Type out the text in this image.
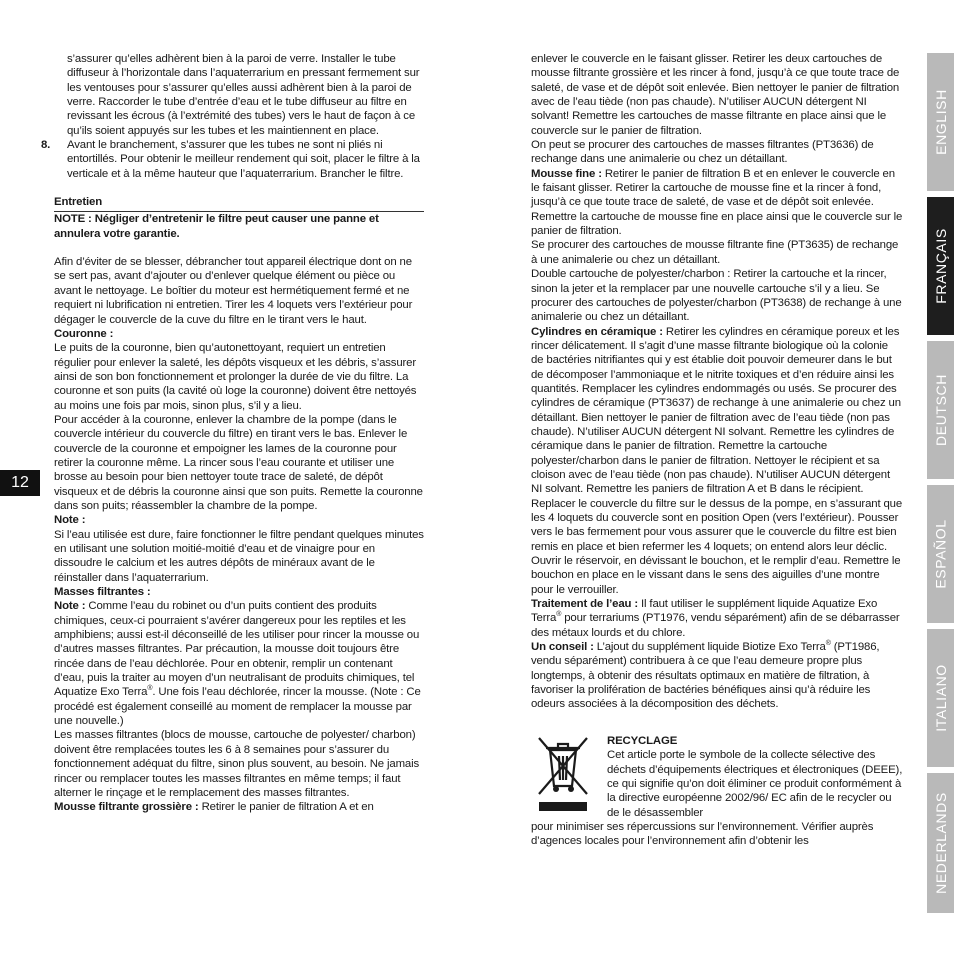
12
ENGLISH
FRANÇAIS
DEUTSCH
ESPAÑOL
ITALIANO
NEDERLANDS

s’assurer qu’elles adhèrent bien à la paroi de verre. Installer le tube diffuseur à l’horizontale dans l’aquaterrarium en pressant fermement sur les ventouses pour s’assurer qu’elles aussi adhèrent bien à la paroi de verre. Raccorder le tube d’entrée d’eau et le tube diffuseur au filtre en revissant les écrous (à l’extrémité des tubes) vers le haut de façon à ce qu’ils soient appuyés sur les tubes et les maintiennent en place.

8. Avant le branchement, s’assurer que les tubes ne sont ni pliés ni entortillés. Pour obtenir le meilleur rendement qui soit, placer le filtre à la verticale et à la même hauteur que l’aquaterrarium. Brancher le filtre.

Entretien

NOTE : Négliger d’entretenir le filtre peut causer une panne et annulera votre garantie.

Afin d’éviter de se blesser, débrancher tout appareil électrique dont on ne se sert pas, avant d’ajouter ou d’enlever quelque élément ou pièce ou avant le nettoyage. Le boîtier du moteur est hermétiquement fermé et ne requiert ni lubrification ni entretien. Tirer les 4 loquets vers l’extérieur pour dégager le couvercle de la cuve du filtre en le tirant vers le haut.

Couronne :

Le puits de la couronne, bien qu’autonettoyant, requiert un entretien régulier pour enlever la saleté, les dépôts visqueux et les débris, s’assurer ainsi de son bon fonctionnement et prolonger la durée de vie du filtre. La couronne et son puits (la cavité où loge la couronne) doivent être nettoyés au moins une fois par mois, sinon plus, s’il y a lieu.

Pour accéder à la couronne, enlever la chambre de la pompe (dans le couvercle intérieur du couvercle du filtre) en tirant vers le bas. Enlever le couvercle de la couronne et empoigner les lames de la couronne pour retirer la couronne même. La rincer sous l’eau courante et utiliser une brosse au besoin pour bien nettoyer toute trace de saleté, de dépôt visqueux et de débris la couronne ainsi que son puits. Remette la couronne dans son puits; réassembler la chambre de la pompe.

Note :

Si l’eau utilisée est dure, faire fonctionner le filtre pendant quelques minutes en utilisant une solution moitié-moitié d’eau et de vinaigre pour en dissoudre le calcium et les autres dépôts de minéraux avant de le réinstaller dans l’aquaterrarium.

Masses filtrantes :

Note : Comme l’eau du robinet ou d’un puits contient des produits chimiques, ceux-ci pourraient s’avérer dangereux pour les reptiles et les amphibiens; aussi est-il déconseillé de les utiliser pour rincer la mousse ou d’autres masses filtrantes. Par précaution, la mousse doit toujours être rincée dans de l’eau déchlorée. Pour en obtenir, remplir un contenant d’eau, puis la traiter au moyen d’un neutralisant de produits chimiques, tel Aquatize Exo Terra®. Une fois l’eau déchlorée, rincer la mousse. (Note : Ce procédé est également conseillé au moment de remplacer la mousse par une nouvelle.)

Les masses filtrantes (blocs de mousse, cartouche de polyester/ charbon) doivent être remplacées toutes les 6 à 8 semaines pour s’assurer du fonctionnement adéquat du filtre, sinon plus souvent, au besoin. Ne jamais rincer ou remplacer toutes les masses filtrantes en même temps; il faut alterner le rinçage et le remplacement des masses filtrantes.

Mousse filtrante grossière : Retirer le panier de filtration A et en

enlever le couvercle en le faisant glisser. Retirer les deux cartouches de mousse filtrante grossière et les rincer à fond, jusqu’à ce que toute trace de saleté, de vase et de dépôt soit enlevée. Bien nettoyer le panier de filtration avec de l’eau tiède (non pas chaude). N’utiliser AUCUN détergent NI solvant! Remettre les cartouches de masse filtrante en place ainsi que le couvercle sur le panier de filtration.

On peut se procurer des cartouches de masses filtrantes (PT3636) de rechange dans une animalerie ou chez un détaillant.

Mousse fine : Retirer le panier de filtration B et en enlever le couvercle en le faisant glisser. Retirer la cartouche de mousse fine et la rincer à fond, jusqu’à ce que toute trace de saleté, de vase et de dépôt soit enlevée. Remettre la cartouche de mousse fine en place ainsi que le couvercle sur le panier de filtration.

Se procurer des cartouches de mousse filtrante fine (PT3635) de rechange à une animalerie ou chez un détaillant.

Double cartouche de polyester/charbon : Retirer la cartouche et la rincer, sinon la jeter et la remplacer par une nouvelle cartouche s’il y a lieu. Se procurer des cartouches de polyester/charbon (PT3638) de rechange à une animalerie ou chez un détaillant.

Cylindres en céramique : Retirer les cylindres en céramique poreux et les rincer délicatement. Il s’agit d’une masse filtrante biologique où la colonie de bactéries nitrifiantes qui y est établie doit pouvoir demeurer dans le but de décomposer l’ammoniaque et le nitrite toxiques et d’en réduire ainsi les quantités. Remplacer les cylindres endommagés ou usés. Se procurer des cylindres de céramique (PT3637) de rechange à une animalerie ou chez un détaillant. Bien nettoyer le panier de filtration avec de l’eau tiède (non pas chaude). N’utiliser AUCUN détergent NI solvant. Remettre les cylindres de céramique dans le panier de filtration. Remettre la cartouche polyester/charbon dans le panier de filtration. Nettoyer le récipient et sa cloison avec de l’eau tiède (non pas chaude). N’utiliser AUCUN détergent NI solvant. Remettre les paniers de filtration A et B dans le récipient.

Replacer le couvercle du filtre sur le dessus de la pompe, en s’assurant que les 4 loquets du couvercle sont en position Open (vers l’extérieur). Pousser vers le bas fermement pour vous assurer que le couvercle du filtre est bien remis en place et bien refermer les 4 loquets; on entend alors leur déclic.

Ouvrir le réservoir, en dévissant le bouchon, et le remplir d’eau. Remettre le bouchon en place en le vissant dans le sens des aiguilles d’une montre pour le verrouiller.

Traitement de l’eau : Il faut utiliser le supplément liquide Aquatize Exo Terra® pour terrariums (PT1976, vendu séparément) afin de se débarrasser des métaux lourds et du chlore.

Un conseil : L’ajout du supplément liquide Biotize Exo Terra® (PT1986, vendu séparément) contribuera à ce que l’eau demeure propre plus longtemps, à obtenir des résultats optimaux en matière de filtration, à favoriser la prolifération de bactéries bénéfiques ainsi qu’à réduire les odeurs associées à la décomposition des déchets.

RECYCLAGE

Cet article porte le symbole de la collecte sélective des déchets d’équipements électriques et électroniques (DEEE), ce qui signifie qu’on doit éliminer ce produit conformément à la directive européenne 2002/96/ EC afin de le recycler ou de le désassembler

pour minimiser ses répercussions sur l’environnement. Vérifier auprès d’agences locales pour l’environnement afin d’obtenir les
